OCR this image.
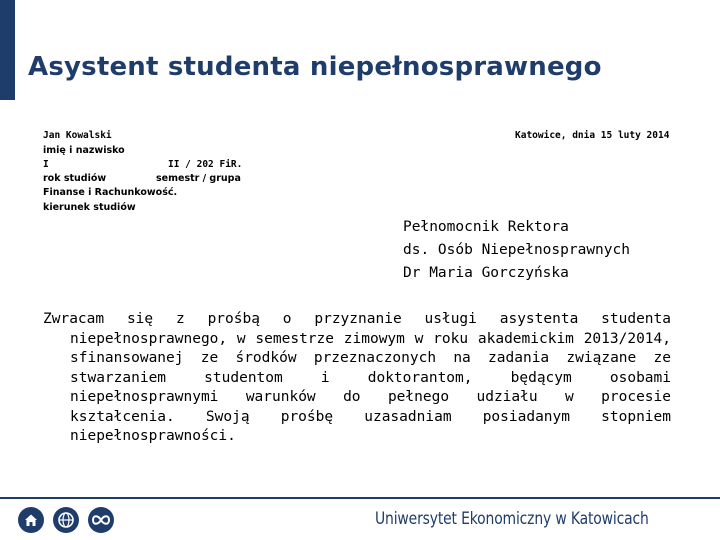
Asystent studenta niepełnosprawnego
Jan Kowalski
imię i nazwisko
I	II / 202 FiR.
rok studiów	semestr / grupa
Finanse i Rachunkowość.
kierunek studiów
Katowice, dnia 15 luty 2014
Pełnomocnik Rektora
ds. Osób Niepełnosprawnych
Dr Maria Gorczyńska

Zwracam się z prośbą o przyznanie usługi asystenta studenta niepełnosprawnego, w semestrze zimowym w roku akademickim 2013/2014, sfinansowanej ze środków przeznaczonych na zadania związane ze stwarzaniem studentom i doktorantom, będącym osobami niepełnosprawnymi warunków do pełnego udziału w procesie kształcenia. Swoją prośbę uzasadniam posiadanym stopniem niepełnosprawności.

Uniwersytet Ekonomiczny w Katowicach
